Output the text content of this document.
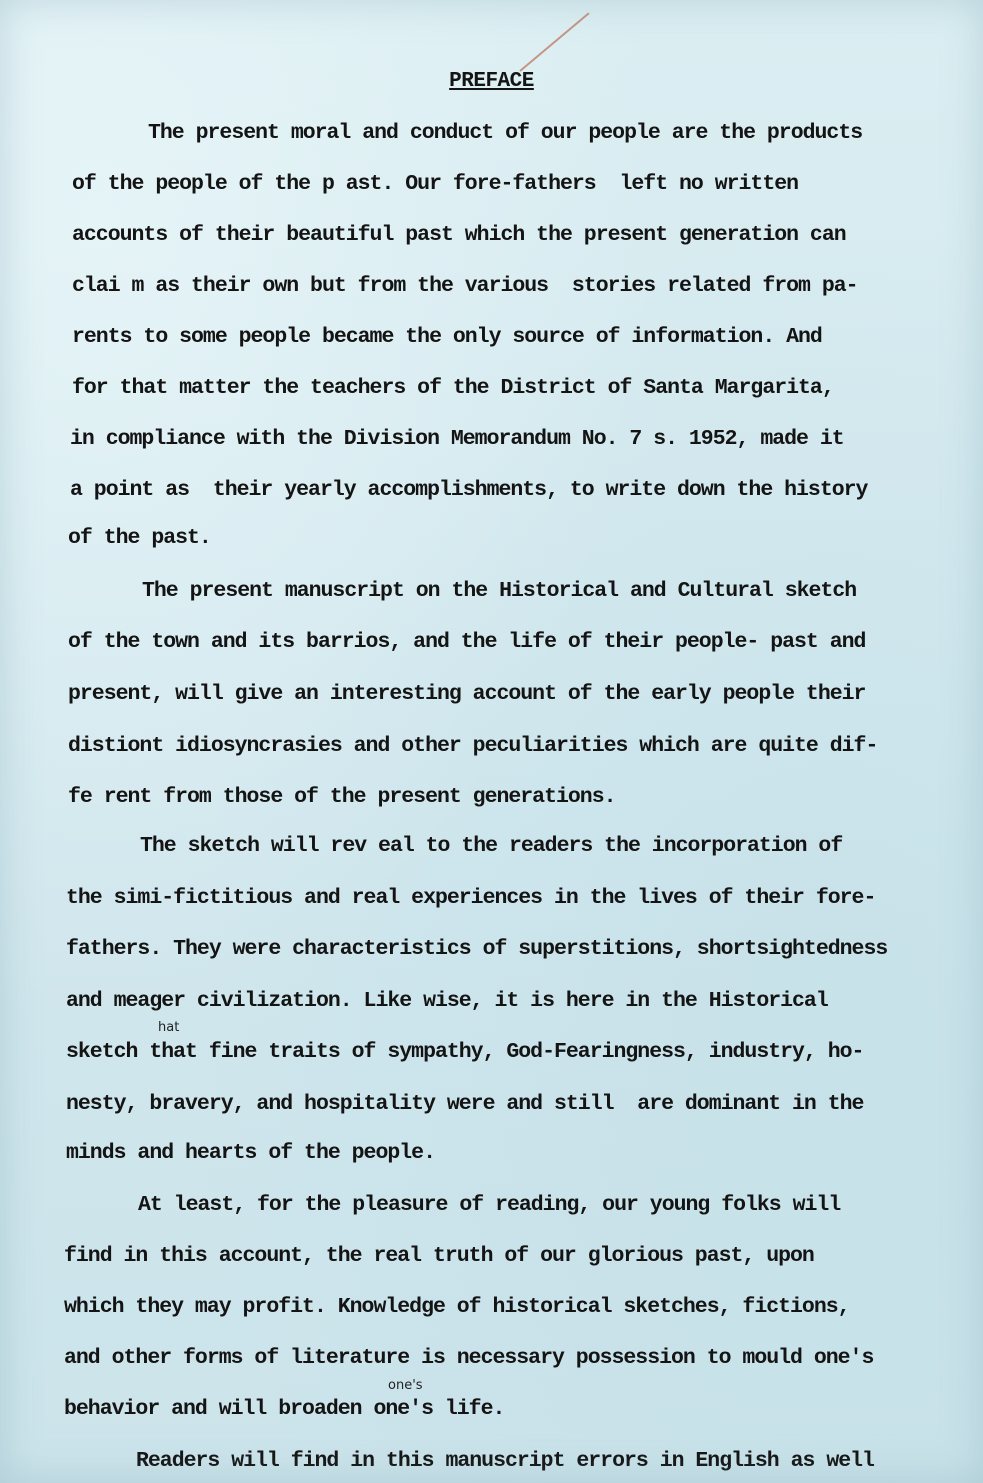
PREFACE

The present moral and conduct of our people are the products

of the people of the p ast. Our fore-fathers  left no written

accounts of their beautiful past which the present generation can

clai m as their own but from the various  stories related from pa-

rents to some people became the only source of information. And

for that matter the teachers of the District of Santa Margarita,

in compliance with the Division Memorandum No. 7 s. 1952, made it

a point as  their yearly accomplishments, to write down the history

of the past.

The present manuscript on the Historical and Cultural sketch

of the town and its barrios, and the life of their people- past and

present, will give an interesting account of the early people their

distiont idiosyncrasies and other peculiarities which are quite dif-

fe rent from those of the present generations.

The sketch will rev eal to the readers the incorporation of

the simi-fictitious and real experiences in the lives of their fore-

fathers. They were characteristics of superstitions, shortsightedness

and meager civilization. Like wise, it is here in the Historical

sketch that fine traits of sympathy, God-Fearingness, industry, ho-

nesty, bravery, and hospitality were and still  are dominant in the

minds and hearts of the people.

At least, for the pleasure of reading, our young folks will

find in this account, the real truth of our glorious past, upon

which they may profit. Knowledge of historical sketches, fictions,

and other forms of literature is necessary possession to mould one's

behavior and will broaden one's life.

Readers will find in this manuscript errors in English as well

hat
one's
